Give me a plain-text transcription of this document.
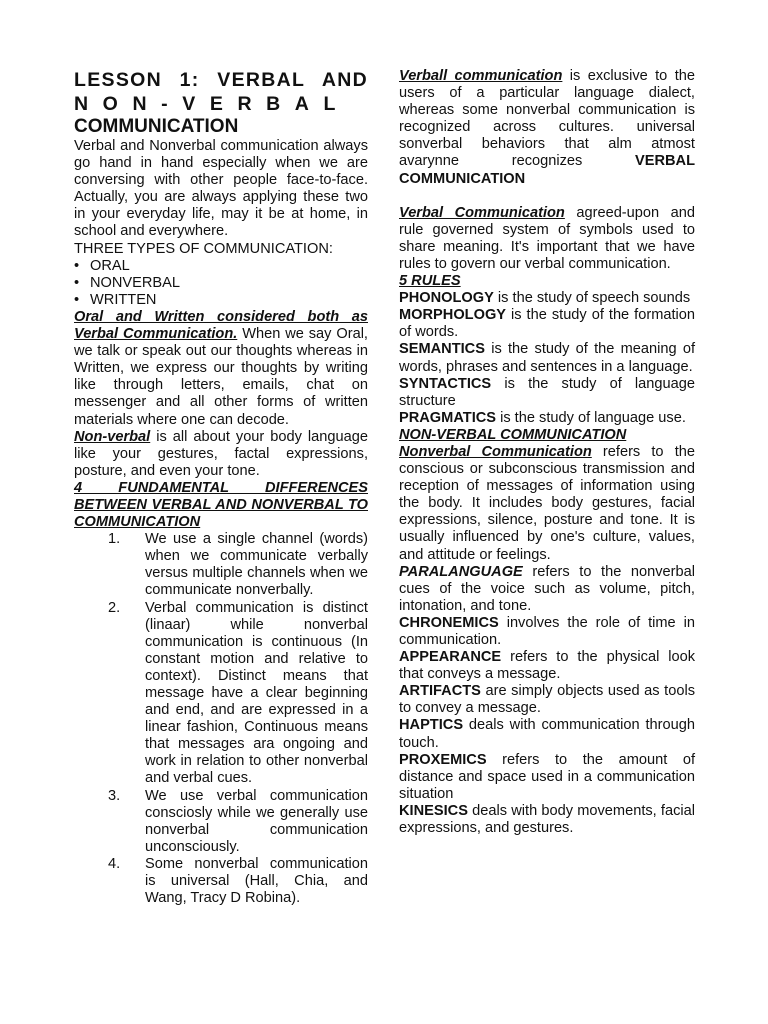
LESSON 1: VERBAL AND
NON-VERBAL
COMMUNICATION

Verbal and Nonverbal communication always go hand in hand especially when we are conversing with other people face-to-face. Actually, you are always applying these two in your everyday life, may it be at home, in school and everywhere.

THREE TYPES OF COMMUNICATION:

• ORAL
• NONVERBAL
• WRITTEN

Oral and Written considered both as Verbal Communication. When we say Oral, we talk or speak out our thoughts whereas in Written, we express our thoughts by writing like through letters, emails, chat on messenger and all other forms of written materials where one can decode.

Non-verbal is all about your body language like your gestures, factal expressions, posture, and even your tone.

4 FUNDAMENTAL DIFFERENCES BETWEEN VERBAL AND NONVERBAL TO COMMUNICATION

1. We use a single channel (words) when we communicate verbally versus multiple channels when we communicate nonverbally.
2. Verbal communication is distinct (linaar) while nonverbal communication is continuous (In constant motion and relative to context). Distinct means that message have a clear beginning and end, and are expressed in a linear fashion, Continuous means that messages ara ongoing and work in relation to other nonverbal and verbal cues.
3. We use verbal communication consciosly while we generally use nonverbal communication unconsciously.
4. Some nonverbal communication is universal (Hall, Chia, and Wang, Tracy D Robina).

Verball communication is exclusive to the users of a particular language dialect, whereas some nonverbal communication is recognized across cultures. universal sonverbal behaviors that alm atmost avarynne recognizes VERBAL COMMUNICATION

Verbal Communication agreed-upon and rule governed system of symbols used to share meaning. It's important that we have rules to govern our verbal communication.

5 RULES

PHONOLOGY is the study of speech sounds

MORPHOLOGY is the study of the formation of words.

SEMANTICS is the study of the meaning of words, phrases and sentences in a language.

SYNTACTICS is the study of language structure

PRAGMATICS is the study of language use.

NON-VERBAL COMMUNICATION

Nonverbal Communication refers to the conscious or subconscious transmission and reception of messages of information using the body. It includes body gestures, facial expressions, silence, posture and tone. It is usually influenced by one's culture, values, and attitude or feelings.

PARALANGUAGE refers to the nonverbal cues of the voice such as volume, pitch, intonation, and tone.

CHRONEMICS involves the role of time in communication.

APPEARANCE refers to the physical look that conveys a message.

ARTIFACTS are simply objects used as tools to convey a message.

HAPTICS deals with communication through touch.

PROXEMICS refers to the amount of distance and space used in a communication situation

KINESICS deals with body movements, facial expressions, and gestures.
